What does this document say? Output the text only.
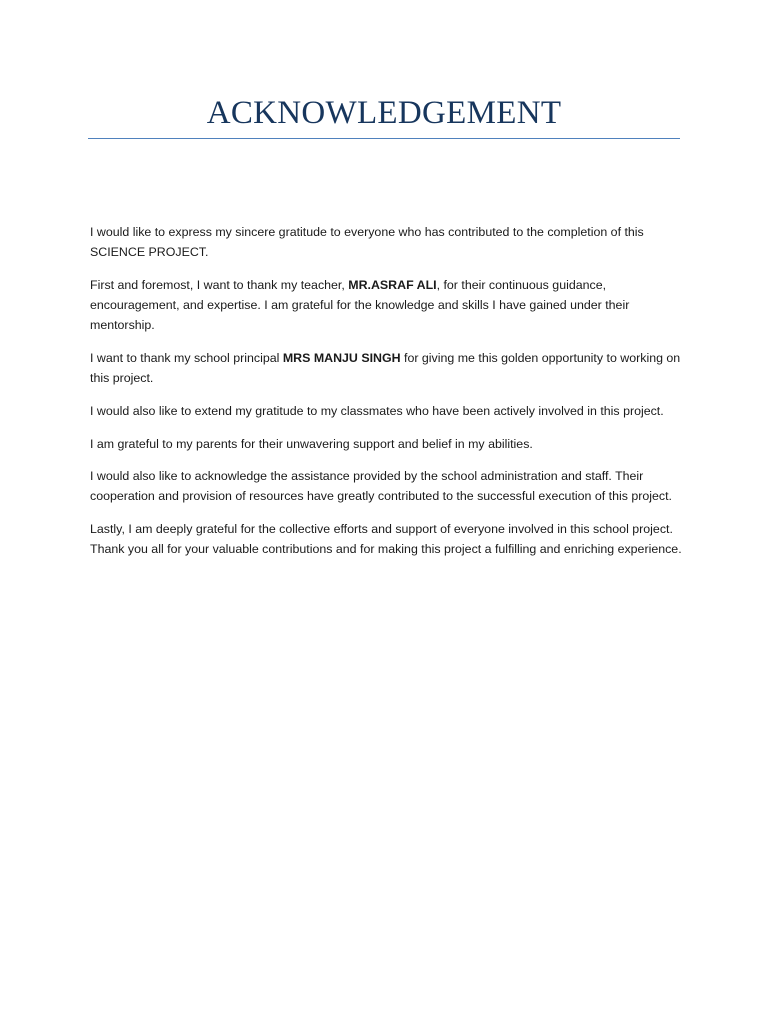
ACKNOWLEDGEMENT

I would like to express my sincere gratitude to everyone who has contributed to the completion of this SCIENCE PROJECT.

First and foremost, I want to thank my teacher, MR.ASRAF ALI, for their continuous guidance, encouragement, and expertise. I am grateful for the knowledge and skills I have gained under their mentorship.

I want to thank my school principal MRS MANJU SINGH for giving me this golden opportunity to working on this project.

I would also like to extend my gratitude to my classmates who have been actively involved in this project.

I am grateful to my parents for their unwavering support and belief in my abilities.

I would also like to acknowledge the assistance provided by the school administration and staff. Their cooperation and provision of resources have greatly contributed to the successful execution of this project.

Lastly, I am deeply grateful for the collective efforts and support of everyone involved in this school project. Thank you all for your valuable contributions and for making this project a fulfilling and enriching experience.
